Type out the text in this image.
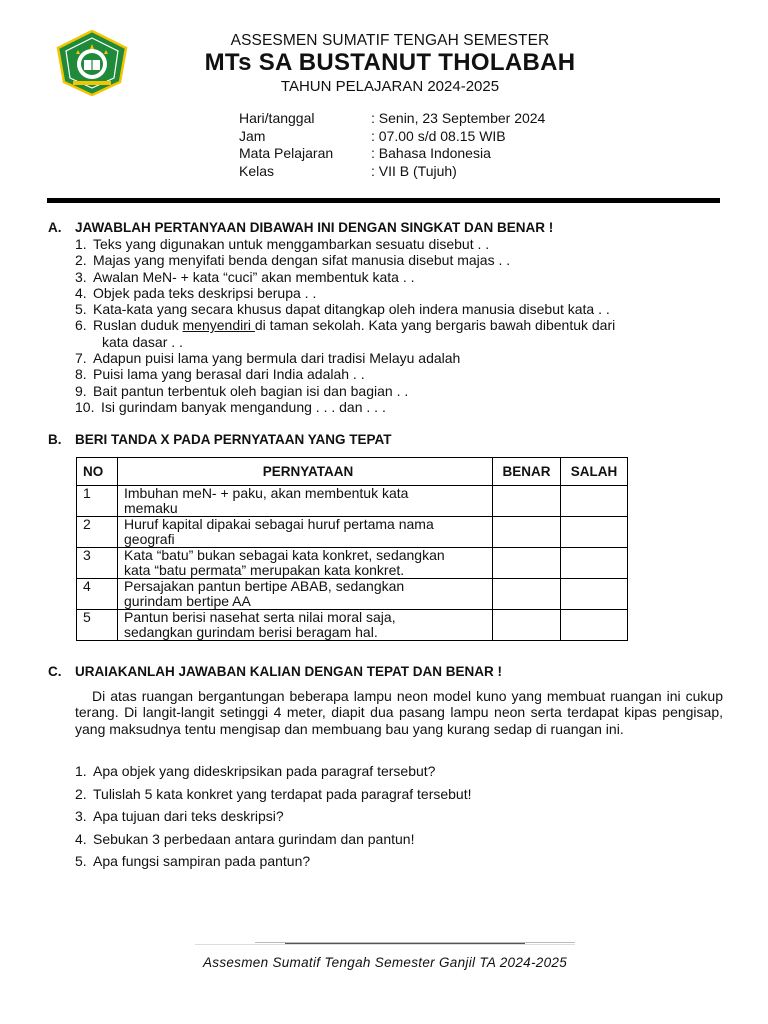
ASSESMEN SUMATIF TENGAH SEMESTER
MTs SA BUSTANUT THOLABAH
TAHUN PELAJARAN 2024-2025
Hari/tanggal	: Senin, 23 September 2024
Jam	: 07.00 s/d 08.15 WIB
Mata Pelajaran	: Bahasa Indonesia
Kelas	: VII B (Tujuh)
A. JAWABLAH PERTANYAAN DIBAWAH INI DENGAN SINGKAT DAN BENAR !
1. Teks yang digunakan untuk menggambarkan sesuatu disebut . .
2. Majas yang menyifati benda dengan sifat manusia disebut majas . .
3. Awalan MeN- + kata “cuci” akan membentuk kata . .
4. Objek pada teks deskripsi berupa . .
5. Kata-kata yang secara khusus dapat ditangkap oleh indera manusia disebut kata . .
6. Ruslan duduk menyendiri di taman sekolah. Kata yang bergaris bawah dibentuk dari
kata dasar . .
7. Adapun puisi lama yang bermula dari tradisi Melayu adalah
8. Puisi lama yang berasal dari India adalah . .
9. Bait pantun terbentuk oleh bagian isi dan bagian . .
10. Isi gurindam banyak mengandung . . . dan . . .
B. BERI TANDA X PADA PERNYATAAN YANG TEPAT
NO	PERNYATAAN	BENAR	SALAH
1	Imbuhan meN- + paku, akan membentuk kata
memaku		

2	Huruf kapital dipakai sebagai huruf pertama nama
geografi		

3	Kata “batu” bukan sebagai kata konkret, sedangkan
kata “batu permata” merupakan kata konkret.		

4	Persajakan pantun bertipe ABAB, sedangkan
gurindam bertipe AA		

5	Pantun berisi nasehat serta nilai moral saja,
sedangkan gurindam berisi beragam hal.		

C. URAIAKANLAH JAWABAN KALIAN DENGAN TEPAT DAN BENAR !
Di atas ruangan bergantungan beberapa lampu neon model kuno yang membuat ruangan ini cukup terang. Di langit-langit setinggi 4 meter, diapit dua pasang lampu neon serta terdapat kipas pengisap, yang maksudnya tentu mengisap dan membuang bau yang kurang sedap di ruangan ini.
1. Apa objek yang dideskripsikan pada paragraf tersebut?
2. Tulislah 5 kata konkret yang terdapat pada paragraf tersebut!
3. Apa tujuan dari teks deskripsi?
4. Sebukan 3 perbedaan antara gurindam dan pantun!
5. Apa fungsi sampiran pada pantun?
Assesmen Sumatif Tengah Semester Ganjil TA 2024-2025
